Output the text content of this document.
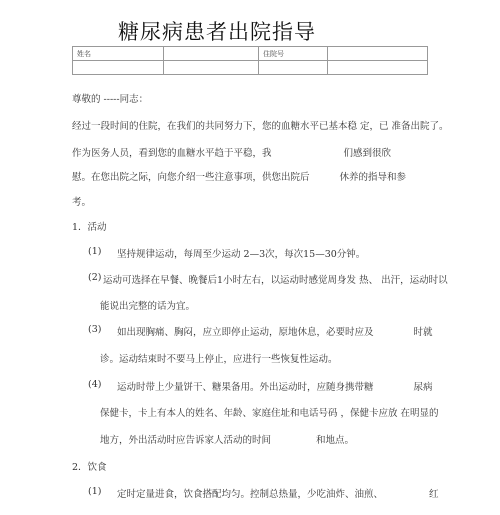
糖尿病患者出院指导
姓名		住院号	

尊敬的 -----同志：
经过一段时间的住院，在我们的共同努力下，您的血糖水平已基本稳 定，已 准备出院了。
作为医务人员，看到您的血糖水平趋于平稳，我	们感到很欣
慰。在您出院之际，向您介绍一些注意事项，供您出院后	休养的指导和参
考。
1．活动
(1) 坚持规律运动，每周至少运动 2—3次，每次15—30分钟。
(2) 运动可选择在早餐、晚餐后1小时左右，以运动时感觉周身发 热、 出汗，运动时以
能说出完整的话为宜。
(3) 如出现胸痛、胸闷，应立即停止运动，原地休息，必要时应及	时就
诊。运动结束时不要马上停止，应进行一些恢复性运动。
(4) 运动时带上少量饼干、糖果备用。外出运动时，应随身携带糖	尿病
保健卡，卡上有本人的姓名、年龄、家庭住址和电话号码 ，保健卡应放 在明显的
地方，外出活动时应告诉家人活动的时间	和地点。
2．饮食
(1) 定时定量进食，饮食搭配均匀。控制总热量，少吃油炸、油煎、	红
